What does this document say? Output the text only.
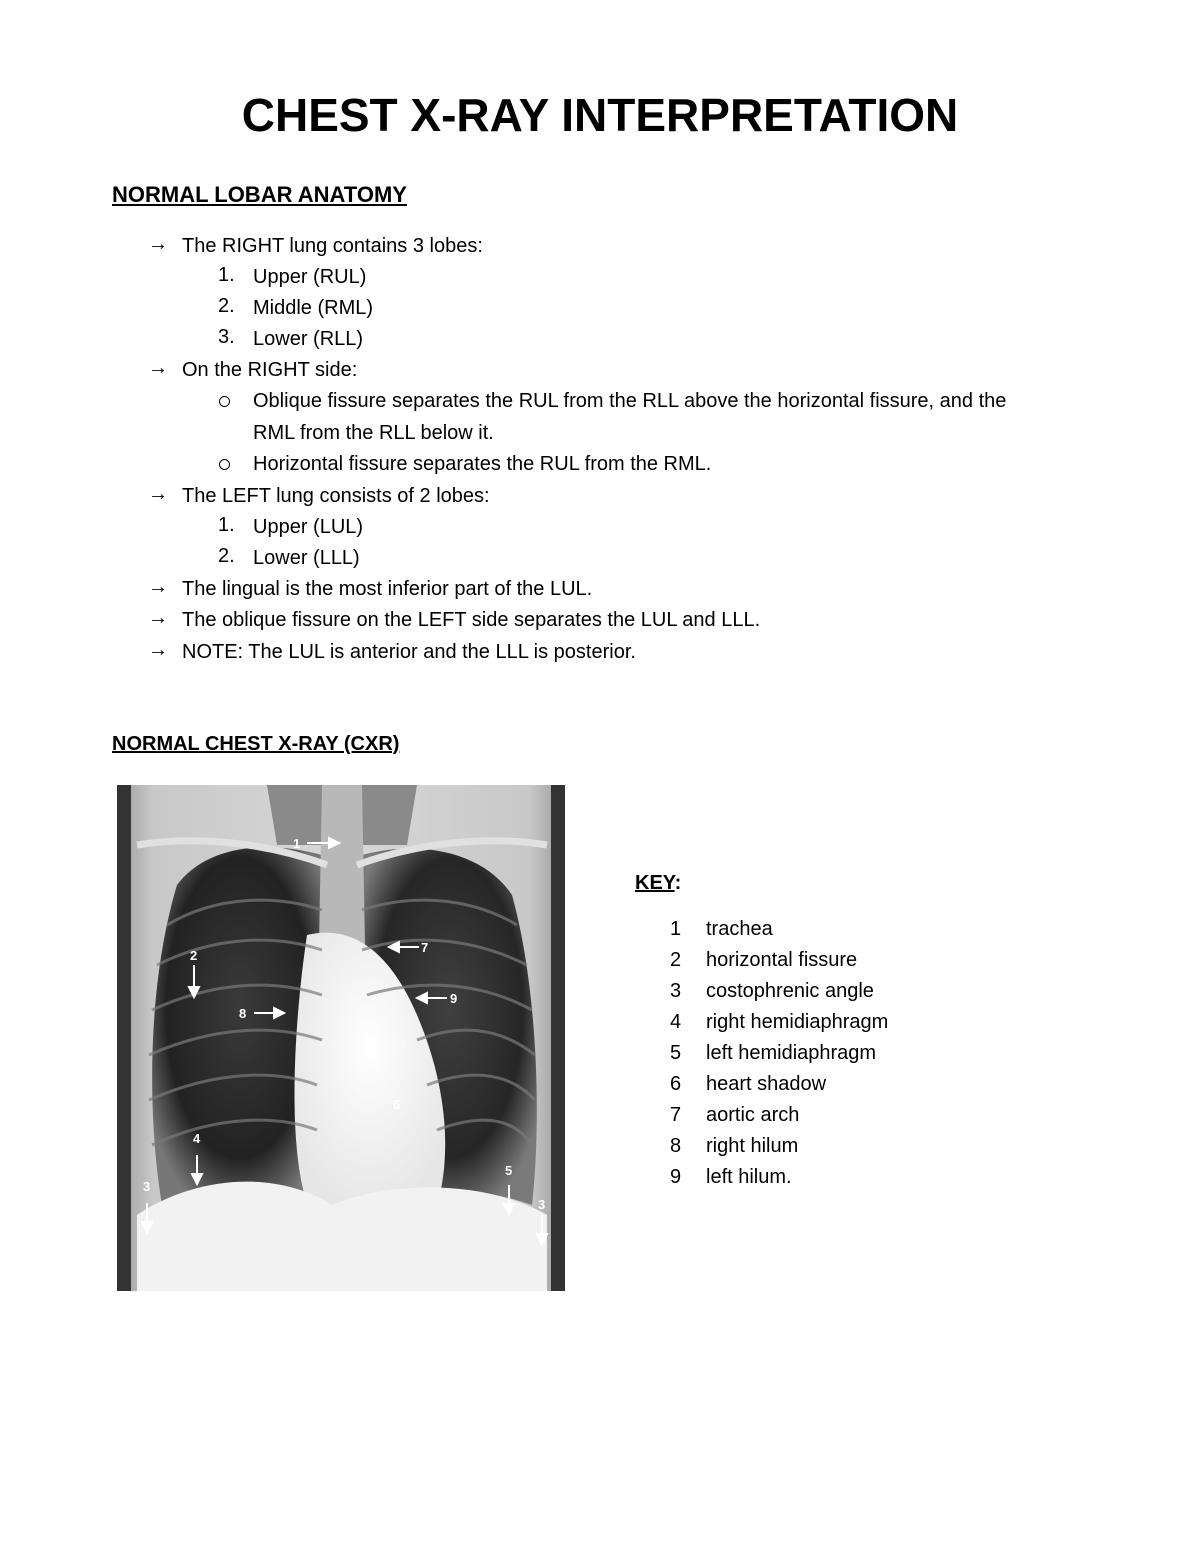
CHEST X-RAY INTERPRETATION
NORMAL LOBAR ANATOMY
→ The RIGHT lung contains 3 lobes:
1. Upper (RUL)
2. Middle (RML)
3. Lower (RLL)
→ On the RIGHT side:
Oblique fissure separates the RUL from the RLL above the horizontal fissure, and the
RML from the RLL below it.
Horizontal fissure separates the RUL from the RML.
→ The LEFT lung consists of 2 lobes:
1. Upper (LUL)
2. Lower (LLL)
→ The lingual is the most inferior part of the LUL.
→ The oblique fissure on the LEFT side separates the LUL and LLL.
→ NOTE: The LUL is anterior and the LLL is posterior.
NORMAL CHEST X-RAY (CXR)
1
2
3
4
5
6
7
8
9
3
KEY:
1 trachea
2 horizontal fissure
3 costophrenic angle
4 right hemidiaphragm
5 left hemidiaphragm
6 heart shadow
7 aortic arch
8 right hilum
9 left hilum.
